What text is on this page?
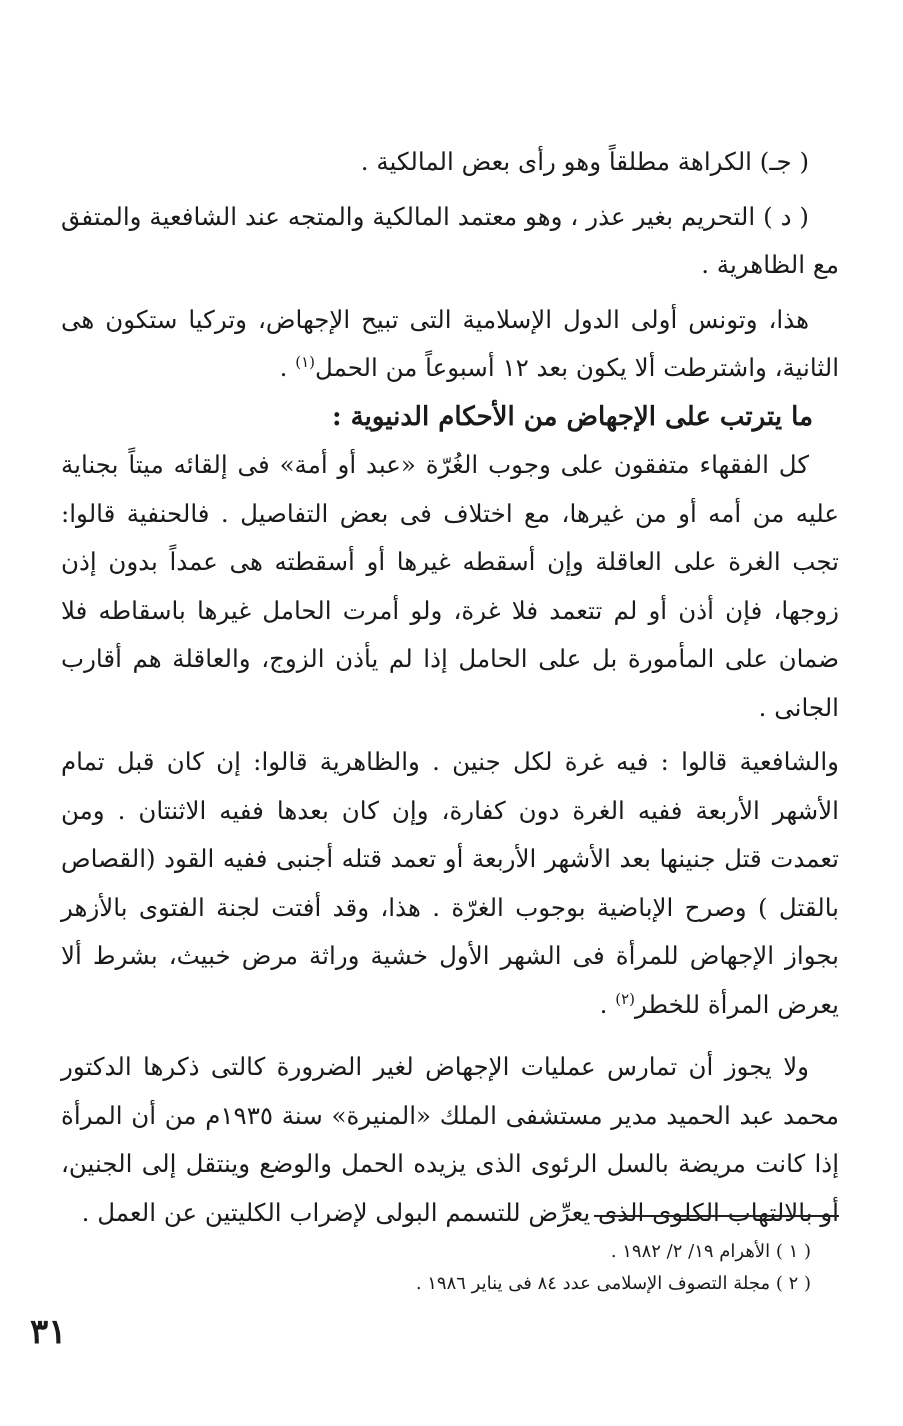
( جـ) الكراهة مطلقاً وهو رأى بعض المالكية .

( د ) التحريم بغير عذر ، وهو معتمد المالكية والمتجه عند الشافعية والمتفق مع الظاهرية .

هذا، وتونس أولى الدول الإسلامية التى تبيح الإجهاض، وتركيا ستكون هى الثانية، واشترطت ألا يكون بعد ١٢ أسبوعاً من الحمل$^{(١)}$ .

ما يترتب على الإجهاض من الأحكام الدنيوية :

كل الفقهاء متفقون على وجوب الغُرّة «عبد أو أمة» فى إلقائه ميتاً بجناية عليه من أمه أو من غيرها، مع اختلاف فى بعض التفاصيل . فالحنفية قالوا: تجب الغرة على العاقلة وإن أسقطه غيرها أو أسقطته هى عمداً بدون إذن زوجها، فإن أذن أو لم تتعمد فلا غرة، ولو أمرت الحامل غيرها باسقاطه فلا ضمان على المأمورة بل على الحامل إذا لم يأذن الزوج، والعاقلة هم أقارب الجانى .

والشافعية قالوا : فيه غرة لكل جنين . والظاهرية قالوا: إن كان قبل تمام الأشهر الأربعة ففيه الغرة دون كفارة، وإن كان بعدها ففيه الاثنتان . ومن تعمدت قتل جنينها بعد الأشهر الأربعة أو تعمد قتله أجنبى ففيه القود (القصاص بالقتل ) وصرح الإباضية بوجوب الغرّة . هذا، وقد أفتت لجنة الفتوى بالأزهر بجواز الإجهاض للمرأة فى الشهر الأول خشية وراثة مرض خبيث، بشرط ألا يعرض المرأة للخطر$^{(٢)}$ .

ولا يجوز أن تمارس عمليات الإجهاض لغير الضرورة كالتى ذكرها الدكتور محمد عبد الحميد مدير مستشفى الملك «المنيرة» سنة ١٩٣٥م من أن المرأة إذا كانت مريضة بالسل الرئوى الذى يزيده الحمل والوضع وينتقل إلى الجنين، أو بالالتهاب الكلوى الذى يعرِّض للتسمم البولى لإضراب الكليتين عن العمل .

( ١ ) الأهرام ١٩/ ٢/ ١٩٨٢ .

( ٢ ) مجلة التصوف الإسلامى عدد ٨٤ فى يناير ١٩٨٦ .

٣١
